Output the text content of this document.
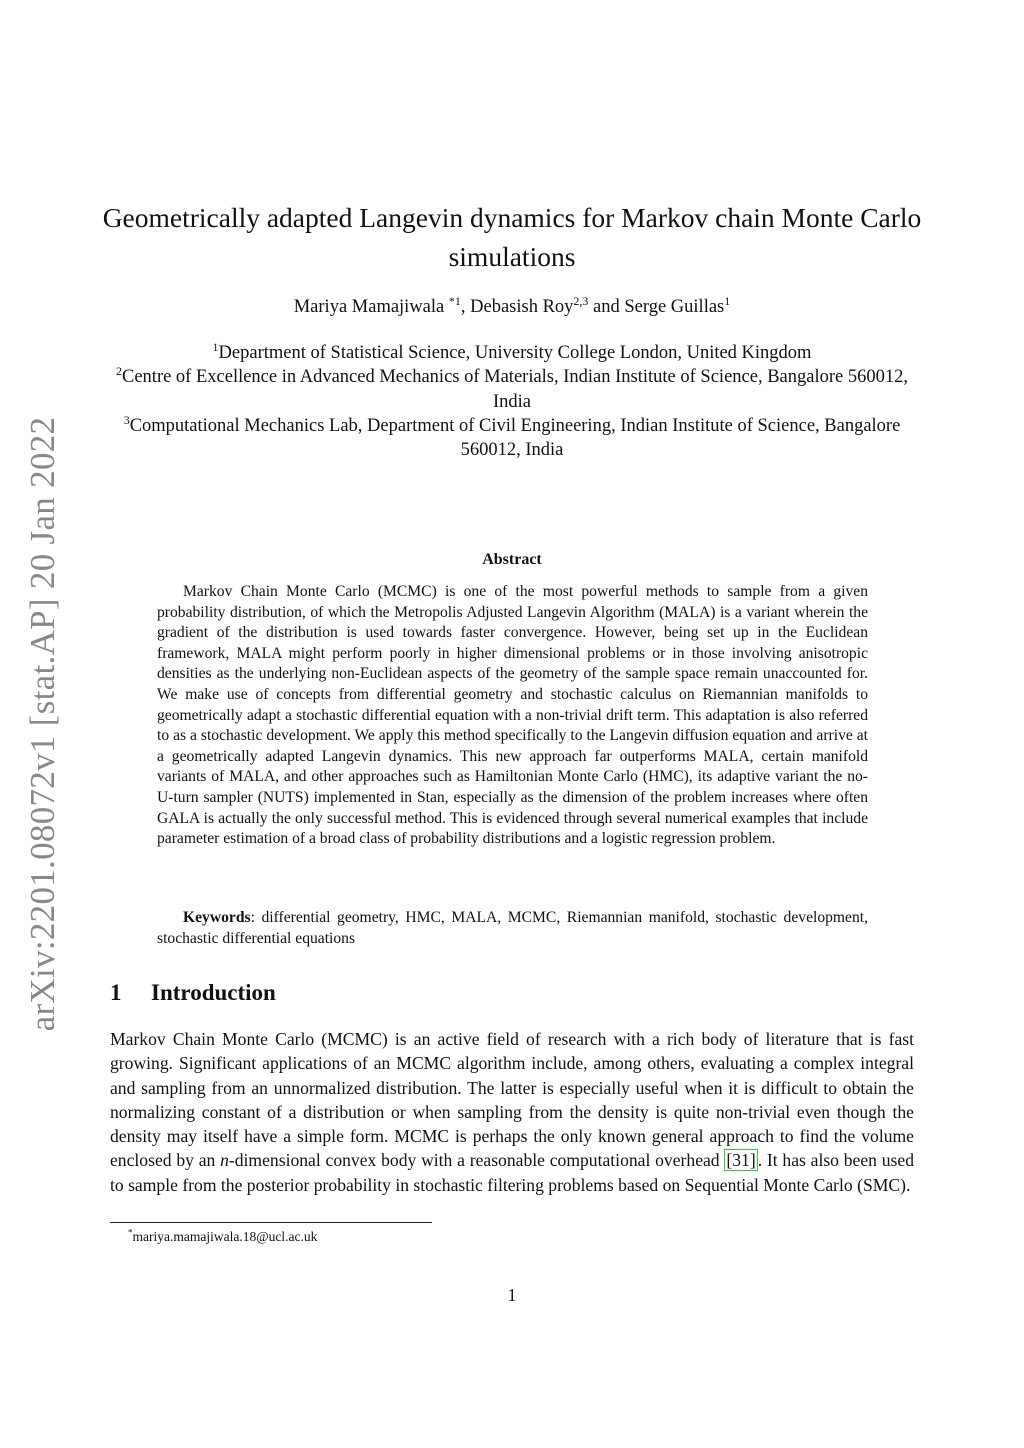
arXiv:2201.08072v1 [stat.AP] 20 Jan 2022
Geometrically adapted Langevin dynamics for Markov chain Monte Carlo simulations
Mariya Mamajiwala $^{*1}$, Debasish Roy$^{2,3}$ and Serge Guillas$^1$
$^1$Department of Statistical Science, University College London, United Kingdom
$^2$Centre of Excellence in Advanced Mechanics of Materials, Indian Institute of Science, Bangalore 560012, India
$^3$Computational Mechanics Lab, Department of Civil Engineering, Indian Institute of Science, Bangalore 560012, India
Abstract

Markov Chain Monte Carlo (MCMC) is one of the most powerful methods to sample from a given probability distribution, of which the Metropolis Adjusted Langevin Algorithm (MALA) is a variant wherein the gradient of the distribution is used towards faster convergence. However, being set up in the Euclidean framework, MALA might perform poorly in higher dimensional problems or in those involving anisotropic densities as the underlying non-Euclidean aspects of the geometry of the sample space remain unaccounted for. We make use of concepts from differential geometry and stochastic calculus on Riemannian manifolds to geometrically adapt a stochastic differential equation with a non-trivial drift term. This adaptation is also referred to as a stochastic development. We apply this method specifically to the Langevin diffusion equation and arrive at a geometrically adapted Langevin dynamics. This new approach far outperforms MALA, certain manifold variants of MALA, and other approaches such as Hamiltonian Monte Carlo (HMC), its adaptive variant the no-U-turn sampler (NUTS) implemented in Stan, especially as the dimension of the problem increases where often GALA is actually the only successful method. This is evidenced through several numerical examples that include parameter estimation of a broad class of probability distributions and a logistic regression problem.

Keywords: differential geometry, HMC, MALA, MCMC, Riemannian manifold, stochastic development, stochastic differential equations

1 Introduction

Markov Chain Monte Carlo (MCMC) is an active field of research with a rich body of literature that is fast growing. Significant applications of an MCMC algorithm include, among others, evaluating a complex integral and sampling from an unnormalized distribution. The latter is especially useful when it is difficult to obtain the normalizing constant of a distribution or when sampling from the density is quite non-trivial even though the density may itself have a simple form. MCMC is perhaps the only known general approach to find the volume enclosed by an n-dimensional convex body with a reasonable computational overhead [31] . It has also been used to sample from the posterior probability in stochastic filtering problems based on Sequential Monte Carlo (SMC).

*mariya.mamajiwala.18@ucl.ac.uk
1
